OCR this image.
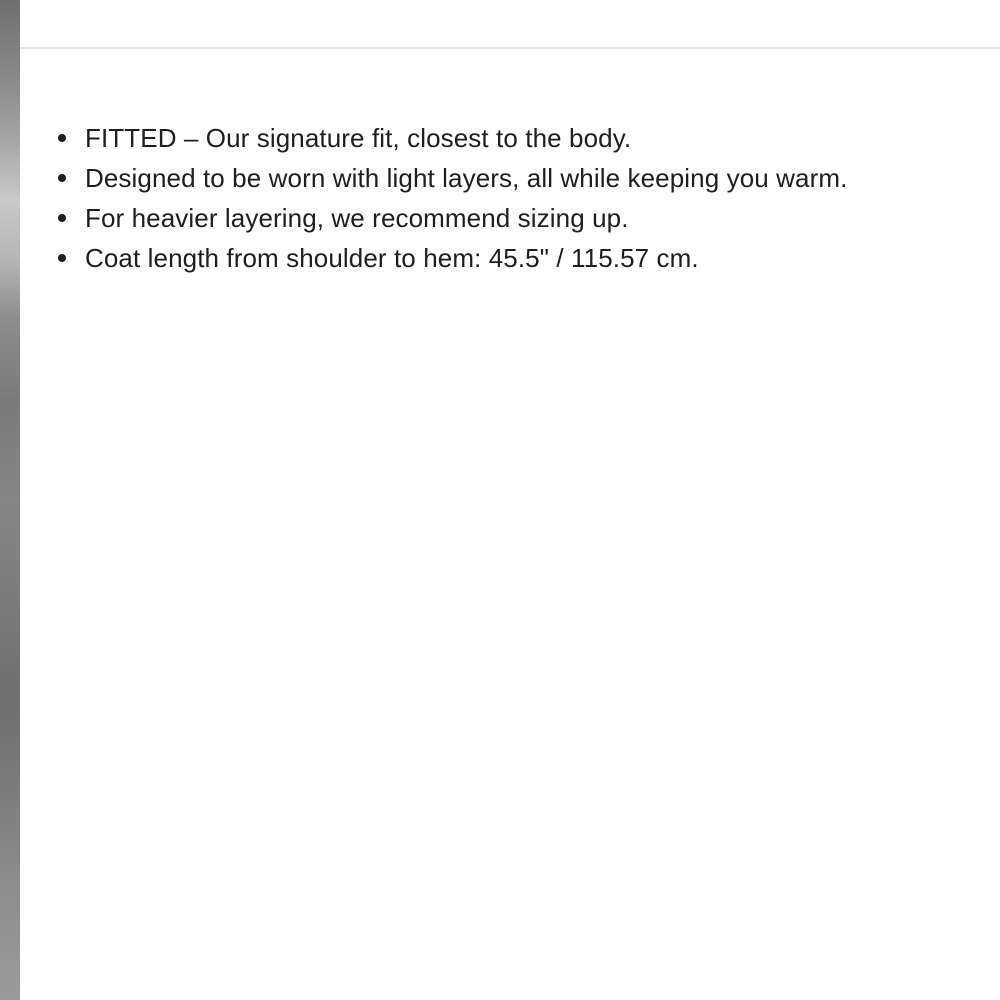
FITTED – Our signature fit, closest to the body.
Designed to be worn with light layers, all while keeping you warm.
For heavier layering, we recommend sizing up.
Coat length from shoulder to hem: 45.5" / 115.57 cm.
